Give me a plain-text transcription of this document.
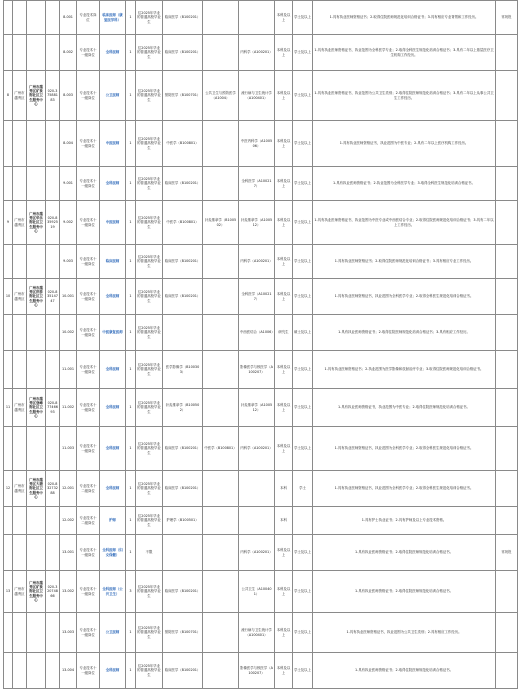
				8-001	专业技术岗位	临床医师（康复医学科）	1	往2025年毕业的普通高校毕业生	临床医学（B100201）			本科及以上	学士及以上	1.具有执业医师资格证书；2.取得住院医师规范化培训合格证书；3.具有相应专业背景和工作经历。	常规报
				8-002	专业技术十一级岗位	全科医师	1	往2025年毕业的普通高校毕业生	临床医学（B100201）		内科学（A100201）	本科及以上	学士及以上	1.具有执业医师资格证书，执业范围为全科医学专业；2.取得全科医生规范化培训合格证书；3.具有二年以上基层医疗卫生机构工作经历。	
8	广州市越秀区	广州市越秀区矿泉街社区卫生服务中心	020-37588183	8-003	专业技术十一级岗位	公卫医师	1	往2025年毕业的普通高校毕业生	预防医学（B100701）	公共卫生与预防医学（A1004）	流行病与卫生统计学（A100401）	本科及以上	学士及以上	1.具有执业医师资格证书，执业范围为公共卫生类别；2.取得住院医师规范化培训合格证书；3.具有二年以上从事公共卫生工作经历。	
				8-004	专业技术十一级岗位	中医医师	1	往2025年毕业的普通高校毕业生	中医学（B100801）		中医内科学（A100506）	本科及以上	学士及以上	1.具有执业医师资格证书，执业范围为中医专业；2.具有二年以上医疗机构工作经历。	
				9-001	专业技术十一级岗位	全科医师	1	往2025年毕业的普通高校毕业生	临床医学（B100201）		全科医学（A100217）	本科及以上	学士及以上	1.具有执业医师资格证书；2.执业范围为全科医学专业；3.取得全科医生规范化培训合格证书。	
9	广州市越秀区	广州市越秀区华乐街社区卫生服务中心	020-83592519	9-002	专业技术十一级岗位	中医医师	1	往2025年毕业的普通高校毕业生	中医学（B100801）	针灸推拿学（B100502）	针灸推拿学（A100512）	本科及以上	学士及以上	1.具有执业医师资格证书，执业范围为中医专业或中西医结合专业；2.取得住院医师规范化培训合格证书；3.具有二年以上工作经历。	
				9-003	专业技术十一级岗位	临床医师	1	往2025年毕业的普通高校毕业生	临床医学（B100201）		内科学（A100201）	本科及以上	学士及以上	1.具有执业医师资格证书；2.取得住院医师规范化培训合格证书；3.具有相应专业工作经历。	
10	广州市越秀区	广州市越秀区洪桥街社区卫生服务中心	020-83514747	10-001	专业技术十一级岗位	全科医师	1	往2025年毕业的普通高校毕业生	临床医学（B100201）		全科医学（A100217）	本科及以上	学士及以上	1.具有执业医师资格证书，执业范围为全科医学专业；2.取得全科医生规范化培训合格证书。	
				10-002	专业技术十一级岗位	中医康复医师	1	往2025年毕业的普通高校毕业生			中西医结合（A1006）	研究生	硕士及以上	1.具有执业医师资格证书；2.取得住院医师规范化培训合格证书；3.具有相应工作经历。	
				11-001	专业技术十一级岗位	全科医师	1	往2025年毕业的普通高校毕业生	医学影像学（B100303）		影像医学与核医学（A100207）	本科及以上	学士及以上	1.具有执业医师资格证书；2.执业范围为医学影像和放射治疗专业；3.取得住院医师规范化培训合格证书。	
11	广州市越秀区	广州市越秀区登峰街社区卫生服务中心	020-87746693	11-002	专业技术十一级岗位	全科医师	1	往2025年毕业的普通高校毕业生	针灸推拿学（B100502）		针灸推拿学（A100512）	本科及以上	学士及以上	1.具有执业医师资格证书，执业范围为中医专业；2.取得住院医师规范化培训合格证书。	
				11-003	专业技术十一级岗位	全科医师	1	往2025年毕业的普通高校毕业生	临床医学（B100201）	中医学（B100801）	内科学（A100201）	本科及以上	学士及以上	1.具有执业医师资格证书，执业范围为全科医学专业；2.取得全科医生规范化培训合格证书。	
12	广州市越秀区	广州市越秀区大塘街社区卫生服务中心	020-83273288	12-001	专业技术十二级岗位	全科医师	1	往2025年毕业的普通高校毕业生	临床医学（B100201）			本科	学士	1.具有执业医师资格证书，执业范围为全科医学专业；2.取得全科医生规范化培训合格证书。	
				12-002	专业技术十二级岗位	护师	1	往2025年毕业的普通高校毕业生	护理学（B100501）			本科		1.具有护士执业证书；2.具有护师及以上专业技术资格。	
				13-001	专业技术十一级岗位	全科医师（妇女保健）	1	不限			内科学（A100201）	本科及以上	学士及以上	1.具有执业医师资格证书；2.取得住院医师规范化培训合格证书。	常规报
13	广州市越秀区	广州市越秀区矿泉街社区卫生服务中心	020-32074866	13-002	专业技术十一级岗位	全科医师（公共卫生）	3	往2025年毕业的普通高校毕业生	临床医学（B100201）		公共卫生（A100401）	本科及以上	学士及以上	1.具有执业医师资格证书；2.取得住院医师规范化培训合格证书。	
				13-003	专业技术十一级岗位	公卫医师	1	往2025年毕业的普通高校毕业生	预防医学（B100701）		流行病与卫生统计学（A100401）	本科及以上	学士及以上	1.具有执业医师资格证书，执业范围为公共卫生类别；2.具有相应工作经历。	
				13-004	专业技术十一级岗位	全科医师	1	往2025年毕业的普通高校毕业生	临床医学（B100201）		影像医学与核医学（A100207）	本科及以上	学士及以上	1.具有执业医师资格证书；2.取得住院医师规范化培训合格证书。	
